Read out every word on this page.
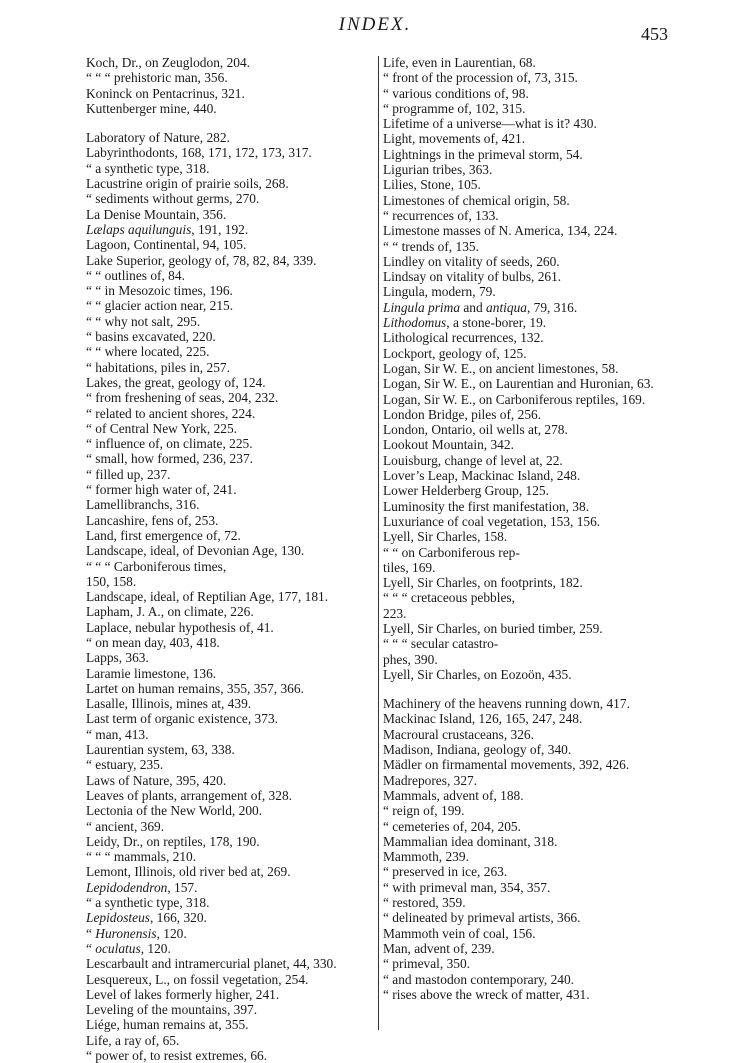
INDEX.	453
Koch, Dr., on Zeuglodon, 204.
“ “ “ prehistoric man, 356.
Koninck on Pentacrinus, 321.
Kuttenberger mine, 440.
Laboratory of Nature, 282.
Labyrinthodonts, 168, 171, 172, 173, 317.
“ a synthetic type, 318.
Lacustrine origin of prairie soils, 268.
“ sediments without germs, 270.
La Denise Mountain, 356.
Lælaps aquilunguis, 191, 192.
Lagoon, Continental, 94, 105.
Lake Superior, geology of, 78, 82, 84, 339.
“ “ outlines of, 84.
“ “ in Mesozoic times, 196.
“ “ glacier action near, 215.
“ “ why not salt, 295.
“ basins excavated, 220.
“ “ where located, 225.
“ habitations, piles in, 257.
Lakes, the great, geology of, 124.
“ from freshening of seas, 204, 232.
“ related to ancient shores, 224.
“ of Central New York, 225.
“ influence of, on climate, 225.
“ small, how formed, 236, 237.
“ filled up, 237.
“ former high water of, 241.
Lamellibranchs, 316.
Lancashire, fens of, 253.
Land, first emergence of, 72.
Landscape, ideal, of Devonian Age, 130.
“ “ “ Carboniferous times,
150, 158.
Landscape, ideal, of Reptilian Age, 177, 181.
Lapham, J. A., on climate, 226.
Laplace, nebular hypothesis of, 41.
“ on mean day, 403, 418.
Lapps, 363.
Laramie limestone, 136.
Lartet on human remains, 355, 357, 366.
Lasalle, Illinois, mines at, 439.
Last term of organic existence, 373.
“ man, 413.
Laurentian system, 63, 338.
“ estuary, 235.
Laws of Nature, 395, 420.
Leaves of plants, arrangement of, 328.
Lectonia of the New World, 200.
“ ancient, 369.
Leidy, Dr., on reptiles, 178, 190.
“ “ “ mammals, 210.
Lemont, Illinois, old river bed at, 269.
Lepidodendron, 157.
“ a synthetic type, 318.
Lepidosteus, 166, 320.
“ Huronensis, 120.
“ oculatus, 120.
Lescarbault and intramercurial planet, 44, 330.
Lesquereux, L., on fossil vegetation, 254.
Level of lakes formerly higher, 241.
Leveling of the mountains, 397.
Liége, human remains at, 355.
Life, a ray of, 65.
“ power of, to resist extremes, 66.
Life, even in Laurentian, 68.
“ front of the procession of, 73, 315.
“ various conditions of, 98.
“ programme of, 102, 315.
Lifetime of a universe—what is it? 430.
Light, movements of, 421.
Lightnings in the primeval storm, 54.
Ligurian tribes, 363.
Lilies, Stone, 105.
Limestones of chemical origin, 58.
“ recurrences of, 133.
Limestone masses of N. America, 134, 224.
“ “ trends of, 135.
Lindley on vitality of seeds, 260.
Lindsay on vitality of bulbs, 261.
Lingula, modern, 79.
Lingula prima and antiqua, 79, 316.
Lithodomus, a stone-borer, 19.
Lithological recurrences, 132.
Lockport, geology of, 125.
Logan, Sir W. E., on ancient limestones, 58.
Logan, Sir W. E., on Laurentian and Huronian, 63.
Logan, Sir W. E., on Carboniferous reptiles, 169.
London Bridge, piles of, 256.
London, Ontario, oil wells at, 278.
Lookout Mountain, 342.
Louisburg, change of level at, 22.
Lover’s Leap, Mackinac Island, 248.
Lower Helderberg Group, 125.
Luminosity the first manifestation, 38.
Luxuriance of coal vegetation, 153, 156.
Lyell, Sir Charles, 158.
“ “ on Carboniferous rep-
tiles, 169.
Lyell, Sir Charles, on footprints, 182.
“ “ “ cretaceous pebbles,
223.
Lyell, Sir Charles, on buried timber, 259.
“ “ “ secular catastro-
phes, 390.
Lyell, Sir Charles, on Eozoön, 435.
Machinery of the heavens running down, 417.
Mackinac Island, 126, 165, 247, 248.
Macroural crustaceans, 326.
Madison, Indiana, geology of, 340.
Mädler on firmamental movements, 392, 426.
Madrepores, 327.
Mammals, advent of, 188.
“ reign of, 199.
“ cemeteries of, 204, 205.
Mammalian idea dominant, 318.
Mammoth, 239.
“ preserved in ice, 263.
“ with primeval man, 354, 357.
“ restored, 359.
“ delineated by primeval artists, 366.
Mammoth vein of coal, 156.
Man, advent of, 239.
“ primeval, 350.
“ and mastodon contemporary, 240.
“ rises above the wreck of matter, 431.
